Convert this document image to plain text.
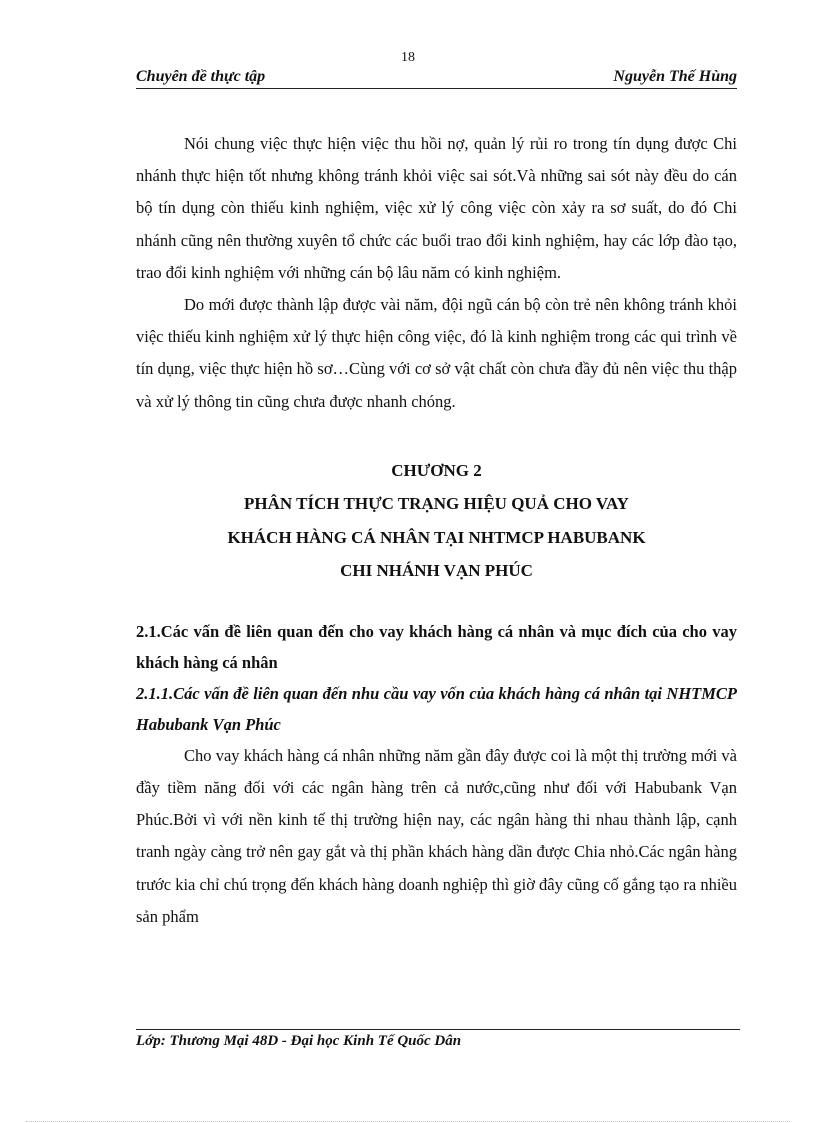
18
Chuyên đề thực tập	Nguyễn Thế Hùng

Nói chung việc thực hiện việc thu hồi nợ, quản lý rủi ro trong tín dụng được Chi nhánh thực hiện tốt nhưng không tránh khỏi việc sai sót.Và những sai sót này đều do cán bộ tín dụng còn thiếu kinh nghiệm, việc xử lý công việc còn xảy ra sơ suất, do đó Chi nhánh cũng nên thường xuyên tổ chức các buổi trao đổi kinh nghiệm, hay các lớp đào tạo, trao đổi kinh nghiệm với những cán bộ lâu năm có kinh nghiệm.

Do mới được thành lập được vài năm, đội ngũ cán bộ còn trẻ nên không tránh khỏi việc thiếu kinh nghiệm xử lý thực hiện công việc, đó là kinh nghiệm trong các qui trình về tín dụng, việc thực hiện hồ sơ…Cùng với cơ sở vật chất còn chưa đầy đủ nên việc thu thập và xử lý thông tin cũng chưa được nhanh chóng.

CHƯƠNG 2
PHÂN TÍCH THỰC TRẠNG HIỆU QUẢ CHO VAY
KHÁCH HÀNG CÁ NHÂN TẠI NHTMCP HABUBANK
CHI NHÁNH VẠN PHÚC

2.1.Các vấn đề liên quan đến cho vay khách hàng cá nhân và mục đích của cho vay khách hàng cá nhân

2.1.1.Các vấn đề liên quan đến nhu cầu vay vốn của khách hàng cá nhân tại NHTMCP Habubank Vạn Phúc

Cho vay khách hàng cá nhân những năm gần đây được coi là một thị trường mới và đầy tiềm năng đối với các ngân hàng trên cả nước,cũng như đối với Habubank Vạn Phúc.Bởi vì với nền kinh tế thị trường hiện nay, các ngân hàng thi nhau thành lập, cạnh tranh ngày càng trở nên gay gắt và thị phần khách hàng dần được Chia nhỏ.Các ngân hàng trước kia chỉ chú trọng đến khách hàng doanh nghiệp thì giờ đây cũng cố gắng tạo ra nhiều sản phẩm

Lớp: Thương Mại 48D - Đại học Kinh Tế Quốc Dân
